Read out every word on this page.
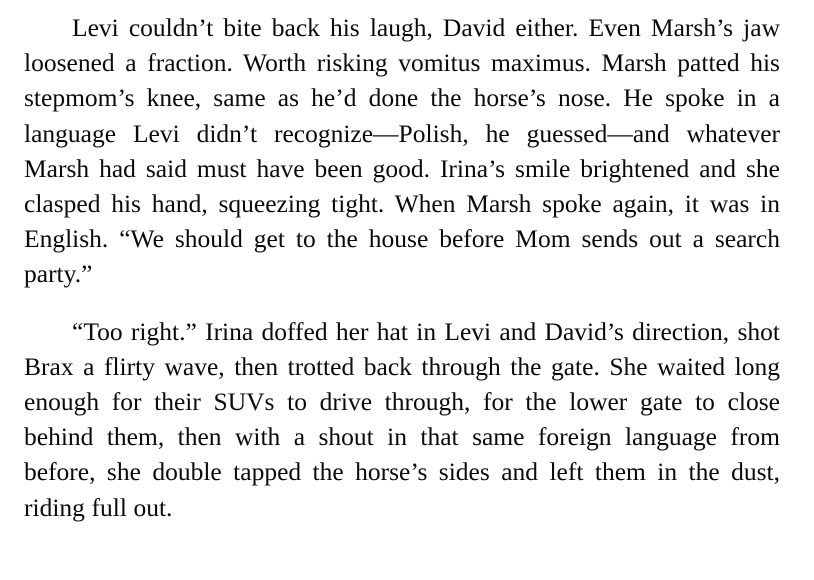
Levi couldn’t bite back his laugh, David either. Even Marsh’s jaw loosened a fraction. Worth risking vomitus maximus. Marsh patted his stepmom’s knee, same as he’d done the horse’s nose. He spoke in a language Levi didn’t recognize—Polish, he guessed—and whatever Marsh had said must have been good. Irina’s smile brightened and she clasped his hand, squeezing tight. When Marsh spoke again, it was in English. “We should get to the house before Mom sends out a search party.”

“Too right.” Irina doffed her hat in Levi and David’s direction, shot Brax a flirty wave, then trotted back through the gate. She waited long enough for their SUVs to drive through, for the lower gate to close behind them, then with a shout in that same foreign language from before, she double tapped the horse’s sides and left them in the dust, riding full out.
